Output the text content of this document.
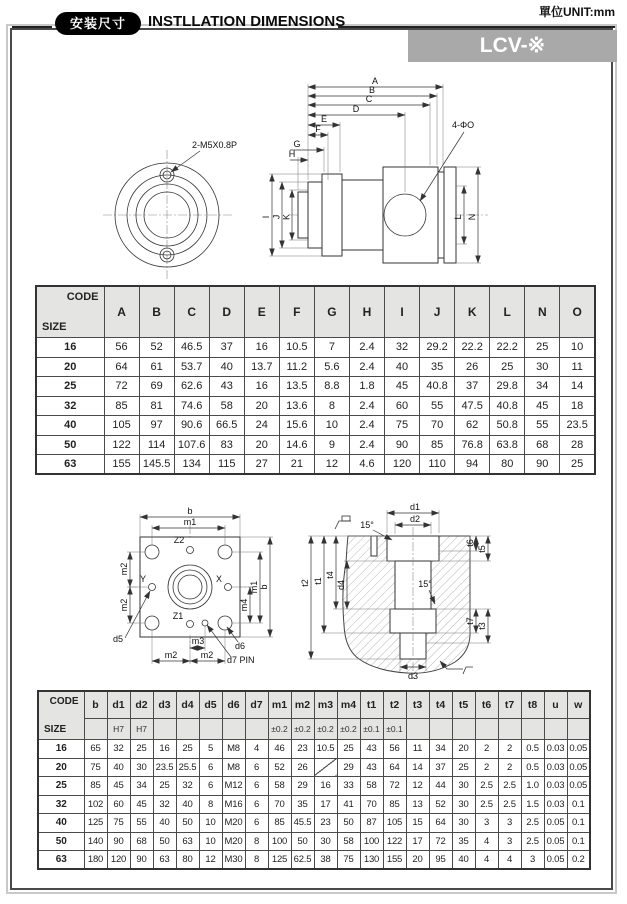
單位UNIT:mm
安装尺寸	INSTLLATION DIMENSIONS
LCV-※
2-M5X0.8P
A
B
C
D
E
F
G
H
I J K	L N
4-ΦO
CODE
SIZE	A	B	C	D	E	F	G	H	I	J	K	L	N	O
16	56	52	46.5	37	16	10.5	7	2.4	32	29.2	22.2	22.2	25	10
20	64	61	53.7	40	13.7	11.2	5.6	2.4	40	35	26	25	30	11
25	72	69	62.6	43	16	13.5	8.8	1.8	45	40.8	37	29.8	34	14
32	85	81	74.6	58	20	13.6	8	2.4	60	55	47.5	40.8	45	18
40	105	97	90.6	66.5	24	15.6	10	2.4	75	70	62	50.8	55	23.5
50	122	114	107.6	83	20	14.6	9	2.4	90	85	76.8	63.8	68	28
63	155	145.5	134	115	27	21	12	4.6	120	110	94	80	90	25
Z2
Z1
X
Y
b
m1
m2
m2	m4
m1 b
m3
m2	m2
d5
d6
d7 PIN
d1
d2
15°
15°
t2 t1
t4
d4
t6
t5
t7
t3
d3
CODE
SIZE	b	d1	d2	d3	d4	d5	d6	d7	m1	m2	m3	m4	t1	t2	t3	t4	t5	t6	t7	t8	u	w
		H7	H7						±0.2	±0.2	±0.2	±0.2	±0.1	±0.1								
16	65	32	25	16	25	5	M8	4	46	23	10.5	25	43	56	11	34	20	2	2	0.5	0.03	0.05
20	75	40	30	23.5	25.5	6	M8	6	52	26		29	43	64	14	37	25	2	2	0.5	0.03	0.05
25	85	45	34	25	32	6	M12	6	58	29	16	33	58	72	12	44	30	2.5	2.5	1.0	0.03	0.05
32	102	60	45	32	40	8	M16	6	70	35	17	41	70	85	13	52	30	2.5	2.5	1.5	0.03	0.1
40	125	75	55	40	50	10	M20	6	85	45.5	23	50	87	105	15	64	30	3	3	2.5	0.05	0.1
50	140	90	68	50	63	10	M20	8	100	50	30	58	100	122	17	72	35	4	3	2.5	0.05	0.1
63	180	120	90	63	80	12	M30	8	125	62.5	38	75	130	155	20	95	40	4	4	3	0.05	0.2
